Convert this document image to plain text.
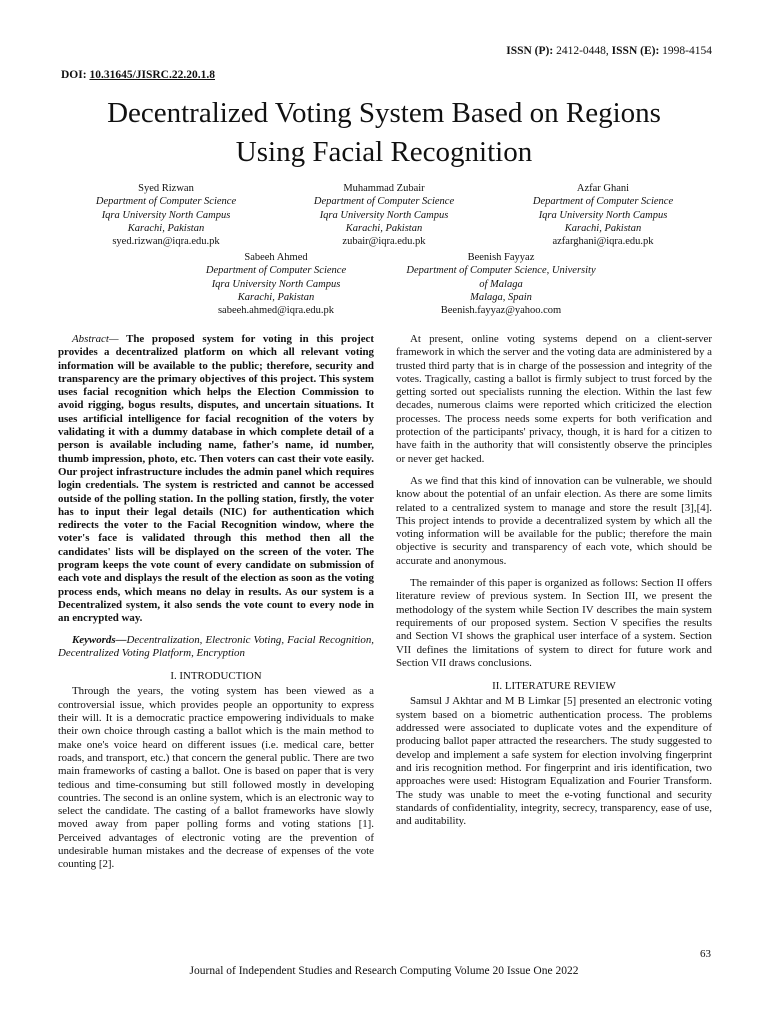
ISSN (P): 2412-0448, ISSN (E): 1998-4154
DOI: 10.31645/JISRC.22.20.1.8
Decentralized Voting System Based on Regions
Using Facial Recognition
Syed Rizwan
Department of Computer Science
Iqra University North Campus
Karachi, Pakistan
syed.rizwan@iqra.edu.pk
Muhammad Zubair
Department of Computer Science
Iqra University North Campus
Karachi, Pakistan
zubair@iqra.edu.pk
Azfar Ghani
Department of Computer Science
Iqra University North Campus
Karachi, Pakistan
azfarghani@iqra.edu.pk
Sabeeh Ahmed
Department of Computer Science
Iqra University North Campus
Karachi, Pakistan
sabeeh.ahmed@iqra.edu.pk
Beenish Fayyaz
Department of Computer Science, University
of Malaga
Malaga, Spain
Beenish.fayyaz@yahoo.com

Abstract— The proposed system for voting in this project provides a decentralized platform on which all relevant voting information will be available to the public; therefore, security and transparency are the primary objectives of this project. This system uses facial recognition which helps the Election Commission to avoid rigging, bogus results, disputes, and uncertain situations. It uses artificial intelligence for facial recognition of the voters by validating it with a dummy database in which complete detail of a person is available including name, father's name, id number, thumb impression, photo, etc. Then voters can cast their vote easily. Our project infrastructure includes the admin panel which requires login credentials. The system is restricted and cannot be accessed outside of the polling station. In the polling station, firstly, the voter has to input their legal details (NIC) for authentication which redirects the voter to the Facial Recognition window, where the voter's face is validated through this method then all the candidates' lists will be displayed on the screen of the voter. The program keeps the vote count of every candidate on submission of each vote and displays the result of the election as soon as the voting process ends, which means no delay in results. As our system is a Decentralized system, it also sends the vote count to every node in an encrypted way.

Keywords—Decentralization, Electronic Voting, Facial Recognition, Decentralized Voting Platform, Encryption

I. INTRODUCTION

Through the years, the voting system has been viewed as a controversial issue, which provides people an opportunity to express their will. It is a democratic practice empowering individuals to make their own choice through casting a ballot which is the main method to make one's voice heard on different issues (i.e. medical care, better roads, and transport, etc.) that concern the general public. There are two main frameworks of casting a ballot. One is based on paper that is very tedious and time-consuming but still followed mostly in developing countries. The second is an online system, which is an electronic way to select the candidate. The casting of a ballot frameworks have slowly moved away from paper polling forms and voting stations [1]. Perceived advantages of electronic voting are the prevention of undesirable human mistakes and the decrease of expenses of the vote counting [2].

At present, online voting systems depend on a client-server framework in which the server and the voting data are administered by a trusted third party that is in charge of the possession and integrity of the votes. Tragically, casting a ballot is firmly subject to trust forced by the getting sorted out specialists running the election. Within the last few decades, numerous claims were reported which criticized the election processes. The process needs some experts for both verification and protection of the participants' privacy, though, it is hard for a citizen to have faith in the authority that will consistently observe the principles or never get hacked.

As we find that this kind of innovation can be vulnerable, we should know about the potential of an unfair election. As there are some limits related to a centralized system to manage and store the result [3],[4]. This project intends to provide a decentralized system by which all the voting information will be available for the public; therefore the main objective is security and transparency of each vote, which should be accurate and anonymous.

The remainder of this paper is organized as follows: Section II offers literature review of previous system. In Section III, we present the methodology of the system while Section IV describes the main system requirements of our proposed system. Section V specifies the results and Section VI shows the graphical user interface of a system. Section VII defines the limitations of system to direct for future work and Section VII draws conclusions.

II. LITERATURE REVIEW

Samsul J Akhtar and M B Limkar [5] presented an electronic voting system based on a biometric authentication process. The problems addressed were associated to duplicate votes and the expenditure of producing ballot paper attracted the researchers. The study suggested to develop and implement a safe system for election involving fingerprint and iris recognition method. For fingerprint and iris identification, two approaches were used: Histogram Equalization and Fourier Transform. The study was unable to meet the e-voting functional and security standards of confidentiality, integrity, secrecy, transparency, ease of use, and auditability.

63
Journal of Independent Studies and Research Computing Volume 20 Issue One 2022
